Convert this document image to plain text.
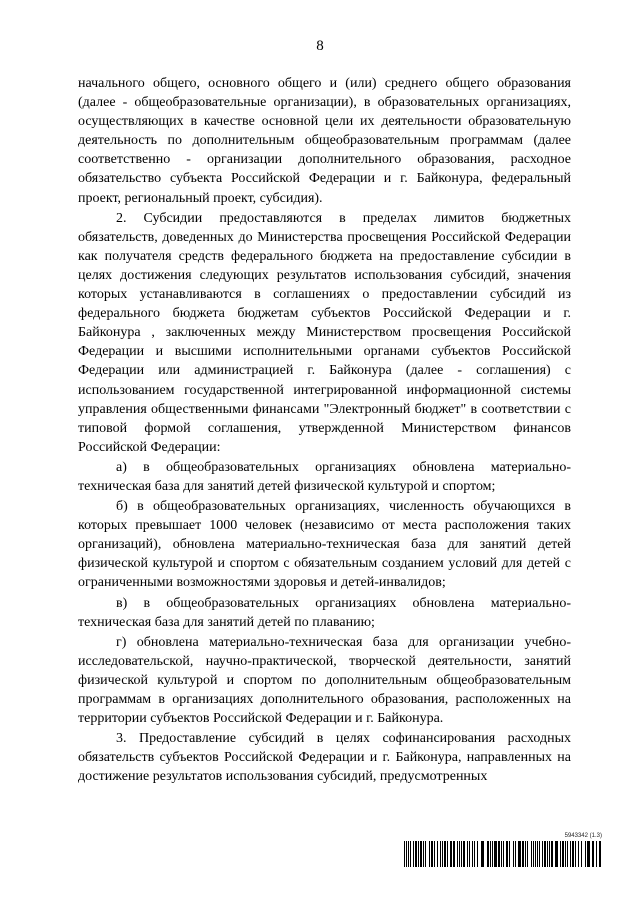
8

начального общего, основного общего и (или) среднего общего образования (далее - общеобразовательные организации), в образовательных организациях, осуществляющих в качестве основной цели их деятельности образовательную деятельность по дополнительным общеобразовательным программам (далее соответственно - организации дополнительного образования, расходное обязательство субъекта Российской Федерации и г. Байконура, федеральный проект, региональный проект, субсидия).

2. Субсидии предоставляются в пределах лимитов бюджетных обязательств, доведенных до Министерства просвещения Российской Федерации как получателя средств федерального бюджета на предоставление субсидии в целях достижения следующих результатов использования субсидий, значения которых устанавливаются в соглашениях о предоставлении субсидий из федерального бюджета бюджетам субъектов Российской Федерации и г. Байконура , заключенных между Министерством просвещения Российской Федерации и высшими исполнительными органами субъектов Российской Федерации или администрацией г. Байконура (далее - соглашения) с использованием государственной интегрированной информационной системы управления общественными финансами "Электронный бюджет" в соответствии с типовой формой соглашения, утвержденной Министерством финансов Российской Федерации:

а) в общеобразовательных организациях обновлена материально-техническая база для занятий детей физической культурой и спортом;

б) в общеобразовательных организациях, численность обучающихся в которых превышает 1000 человек (независимо от места расположения таких организаций), обновлена материально-техническая база для занятий детей физической культурой и спортом с обязательным созданием условий для детей с ограниченными возможностями здоровья и детей-инвалидов;

в) в общеобразовательных организациях обновлена материально-техническая база для занятий детей по плаванию;

г) обновлена материально-техническая база для организации учебно-исследовательской, научно-практической, творческой деятельности, занятий физической культурой и спортом по дополнительным общеобразовательным программам в организациях дополнительного образования, расположенных на территории субъектов Российской Федерации и г. Байконура.

3. Предоставление субсидий в целях софинансирования расходных обязательств субъектов Российской Федерации и г. Байконура, направленных на достижение результатов использования субсидий, предусмотренных

5943342 (1.3)
